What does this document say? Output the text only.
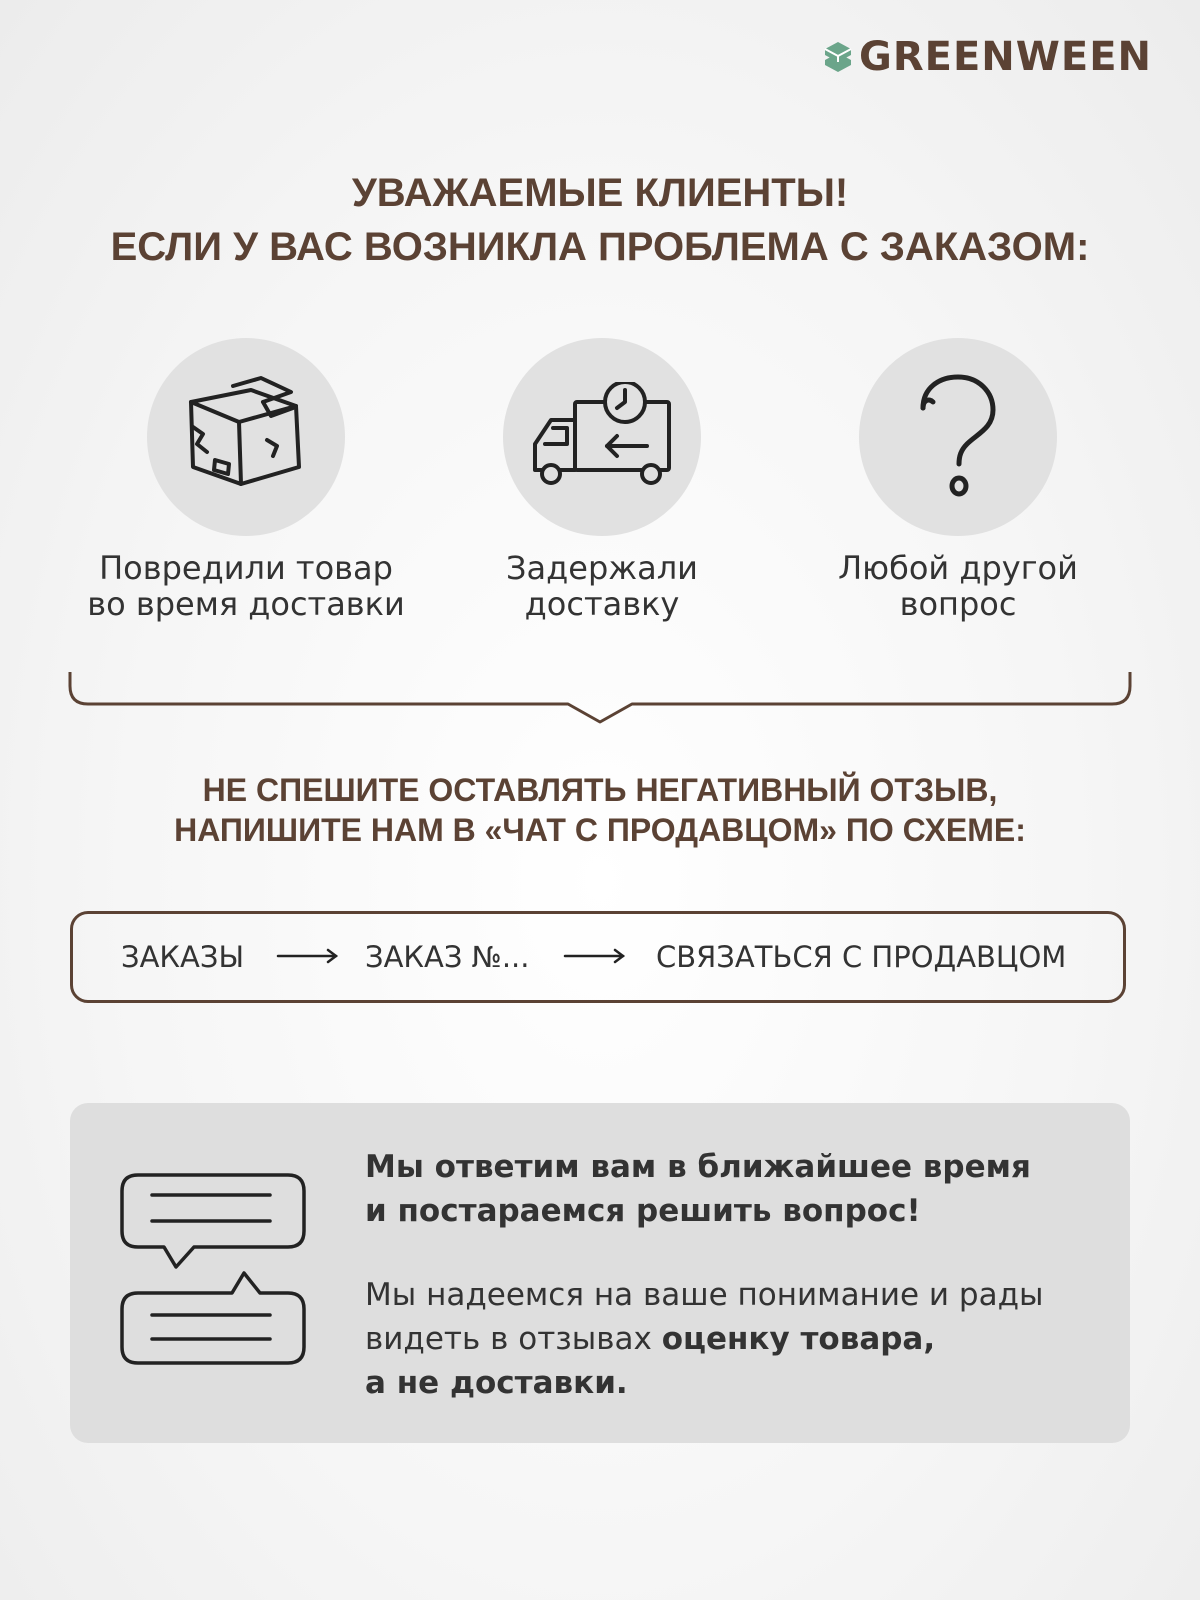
GREENWEEN
УВАЖАЕМЫЕ КЛИЕНТЫ!
ЕСЛИ У ВАС ВОЗНИКЛА ПРОБЛЕМА С ЗАКАЗОМ:
Повредили товар
во время доставки
Задержали
доставку
Любой другой
вопрос
НЕ СПЕШИТЕ ОСТАВЛЯТЬ НЕГАТИВНЫЙ ОТЗЫВ,
НАПИШИТЕ НАМ В «ЧАТ С ПРОДАВЦОМ» ПО СХЕМЕ:
ЗАКАЗЫ	ЗАКАЗ №...	СВЯЗАТЬСЯ С ПРОДАВЦОМ
Мы ответим вам в ближайшее время
и постараемся решить вопрос!
Мы надеемся на ваше понимание и рады
видеть в отзывах оценку товара,
а не доставки.
